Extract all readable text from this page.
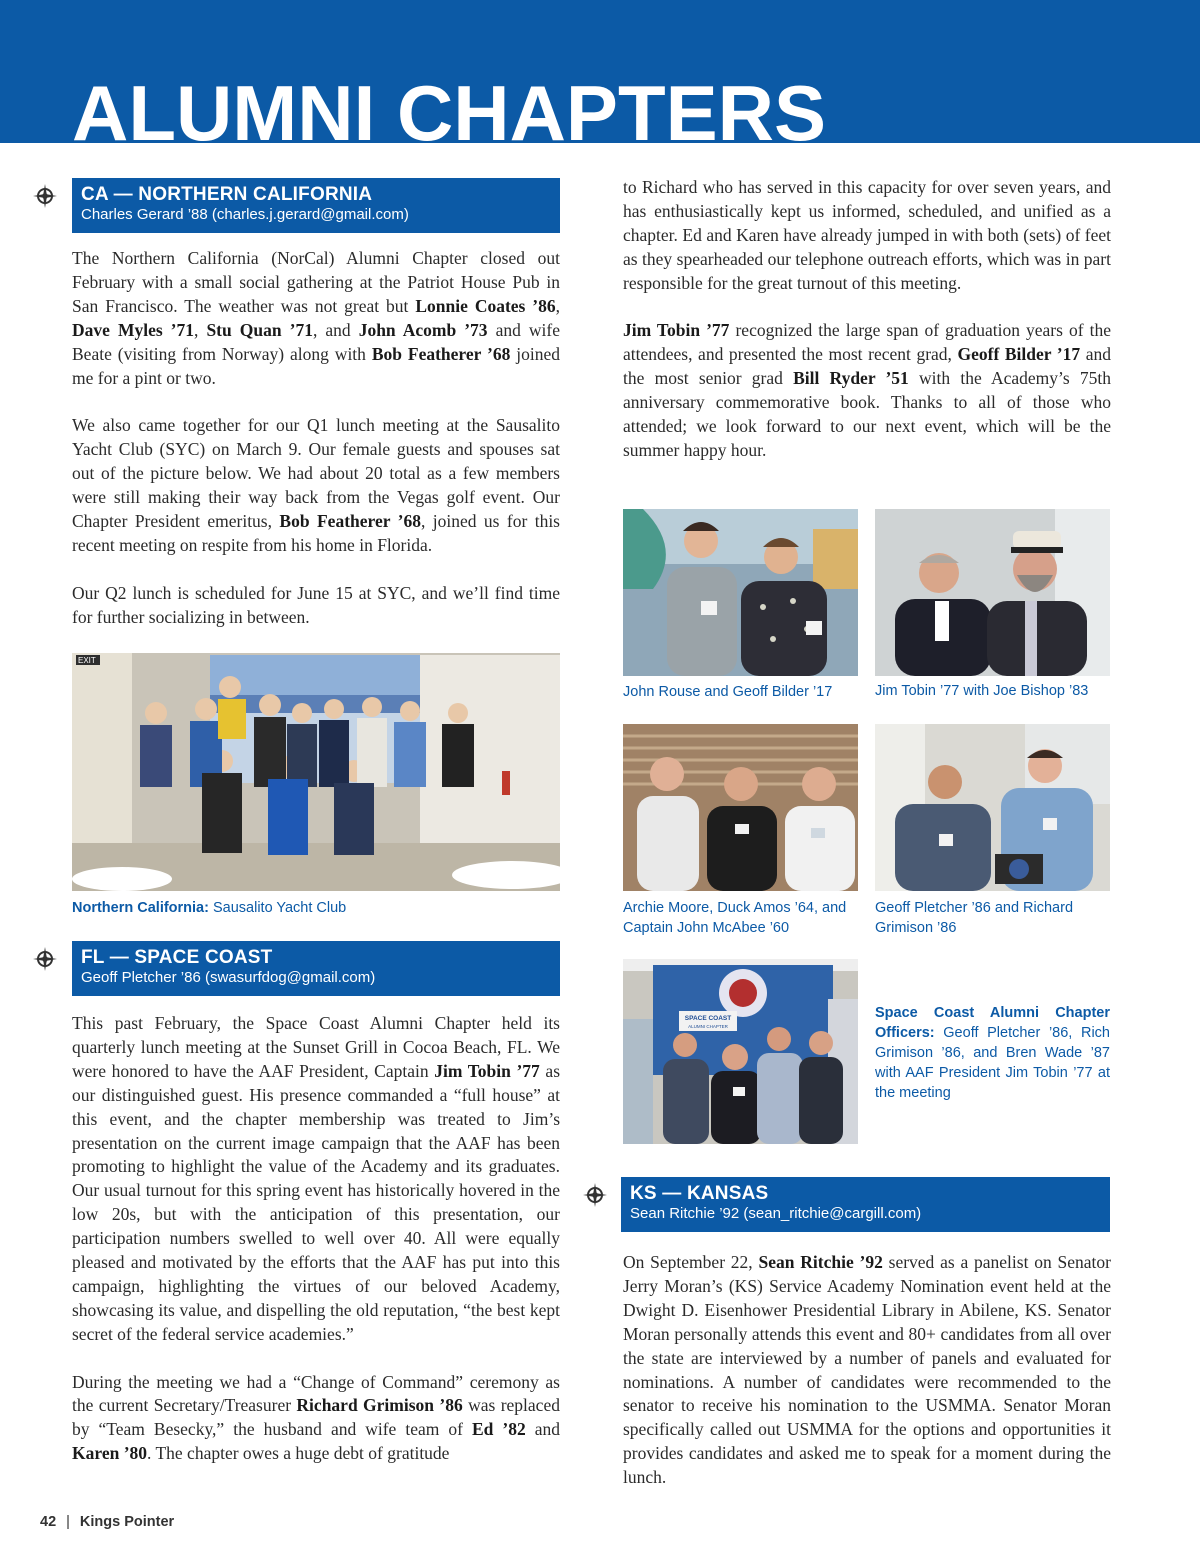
ALUMNI CHAPTERS
CA — NORTHERN CALIFORNIA
Charles Gerard ’88 (charles.j.gerard@gmail.com)

The Northern California (NorCal) Alumni Chapter closed out February with a small social gathering at the Patriot House Pub in San Francisco. The weather was not great but Lonnie Coates ’86, Dave Myles ’71, Stu Quan ’71, and John Acomb ’73 and wife Beate (visiting from Norway) along with Bob Featherer ’68 joined me for a pint or two.

We also came together for our Q1 lunch meeting at the Sausalito Yacht Club (SYC) on March 9. Our female guests and spouses sat out of the picture below. We had about 20 total as a few members were still making their way back from the Vegas golf event. Our Chapter President emeritus, Bob Featherer ’68, joined us for this recent meeting on respite from his home in Florida.

Our Q2 lunch is scheduled for June 15 at SYC, and we’ll find time for further socializing in between.

EXIT
Northern California: Sausalito Yacht Club
FL — SPACE COAST
Geoff Pletcher ’86 (swasurfdog@gmail.com)

This past February, the Space Coast Alumni Chapter held its quarterly lunch meeting at the Sunset Grill in Cocoa Beach, FL. We were honored to have the AAF President, Captain Jim Tobin ’77 as our distinguished guest. His presence commanded a “full house” at this event, and the chapter membership was treated to Jim’s presentation on the current image campaign that the AAF has been promoting to highlight the value of the Academy and its graduates. Our usual turnout for this spring event has historically hovered in the low 20s, but with the anticipation of this presentation, our participation numbers swelled to well over 40. All were equally pleased and motivated by the efforts that the AAF has put into this campaign, highlighting the virtues of our beloved Academy, showcasing its value, and dispelling the old reputation, “the best kept secret of the federal service academies.”

During the meeting we had a “Change of Command” ceremony as the current Secretary/Treasurer Richard Grimison ’86 was replaced by “Team Besecky,” the husband and wife team of Ed ’82 and Karen ’80. The chapter owes a huge debt of gratitude

to Richard who has served in this capacity for over seven years, and has enthusiastically kept us informed, scheduled, and unified as a chapter. Ed and Karen have already jumped in with both (sets) of feet as they spearheaded our telephone outreach efforts, which was in part responsible for the great turnout of this meeting.

Jim Tobin ’77 recognized the large span of graduation years of the attendees, and presented the most recent grad, Geoff Bilder ’17 and the most senior grad Bill Ryder ’51 with the Academy’s 75th anniversary commemorative book. Thanks to all of those who attended; we look forward to our next event, which will be the summer happy hour.

John Rouse and Geoff Bilder ’17	Jim Tobin ’77 with Joe Bishop ’83
Archie Moore, Duck Amos ’64, and Captain John McAbee ’60
Geoff Pletcher ’86 and Richard Grimison ’86
SPACE COAST
ALUMNI CHAPTER
Space Coast Alumni Chapter Officers: Geoff Pletcher ’86, Rich Grimison ’86, and Bren Wade ’87 with AAF President Jim Tobin ’77 at the meeting
KS — KANSAS
Sean Ritchie ’92 (sean_ritchie@cargill.com)

On September 22, Sean Ritchie ’92 served as a panelist on Senator Jerry Moran’s (KS) Service Academy Nomination event held at the Dwight D. Eisenhower Presidential Library in Abilene, KS. Senator Moran personally attends this event and 80+ candidates from all over the state are interviewed by a number of panels and evaluated for nominations. A number of candidates were recommended to the senator to receive his nomination to the USMMA. Senator Moran specifically called out USMMA for the options and opportunities it provides candidates and asked me to speak for a moment during the lunch.

42 | Kings Pointer
